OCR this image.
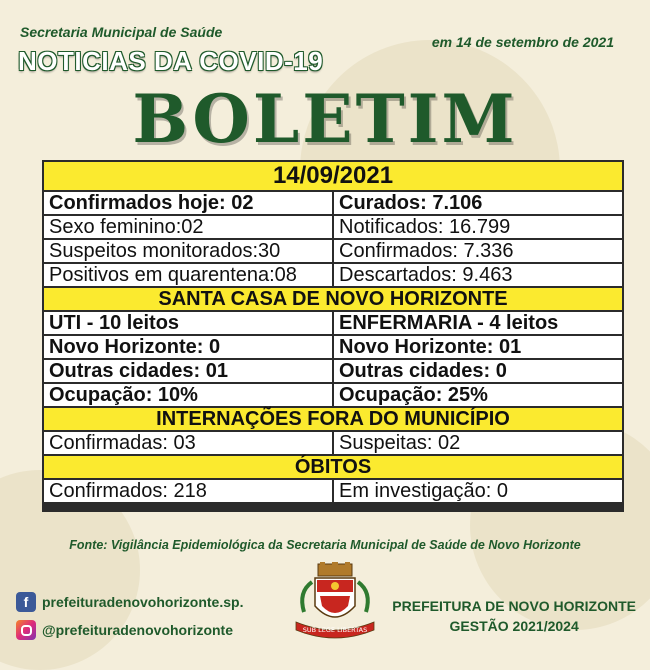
Secretaria Municipal de Saúde
em 14 de setembro de 2021
NOTICIAS DA COVID-19
BOLETIM
14/09/2021
Confirmados hoje: 02	Curados: 7.106
Sexo feminino:02	Notificados: 16.799
Suspeitos monitorados:30	Confirmados: 7.336
Positivos em quarentena:08	Descartados: 9.463
SANTA CASA DE NOVO HORIZONTE
UTI - 10 leitos	ENFERMARIA - 4 leitos
Novo Horizonte: 0	Novo Horizonte: 01
Outras cidades: 01	Outras cidades: 0
Ocupação: 10%	Ocupação: 25%
INTERNAÇÕES FORA DO MUNICÍPIO
Confirmadas: 03	Suspeitas: 02
ÓBITOS
Confirmados: 218	Em investigação: 0
Fonte: Vigilância Epidemiológica da Secretaria Municipal de Saúde de Novo Horizonte
f prefeituradenovohorizonte.sp.
@prefeituradenovohorizonte	SUB LEGE LIBERTAS
PREFEITURA DE NOVO HORIZONTE
GESTÃO 2021/2024
